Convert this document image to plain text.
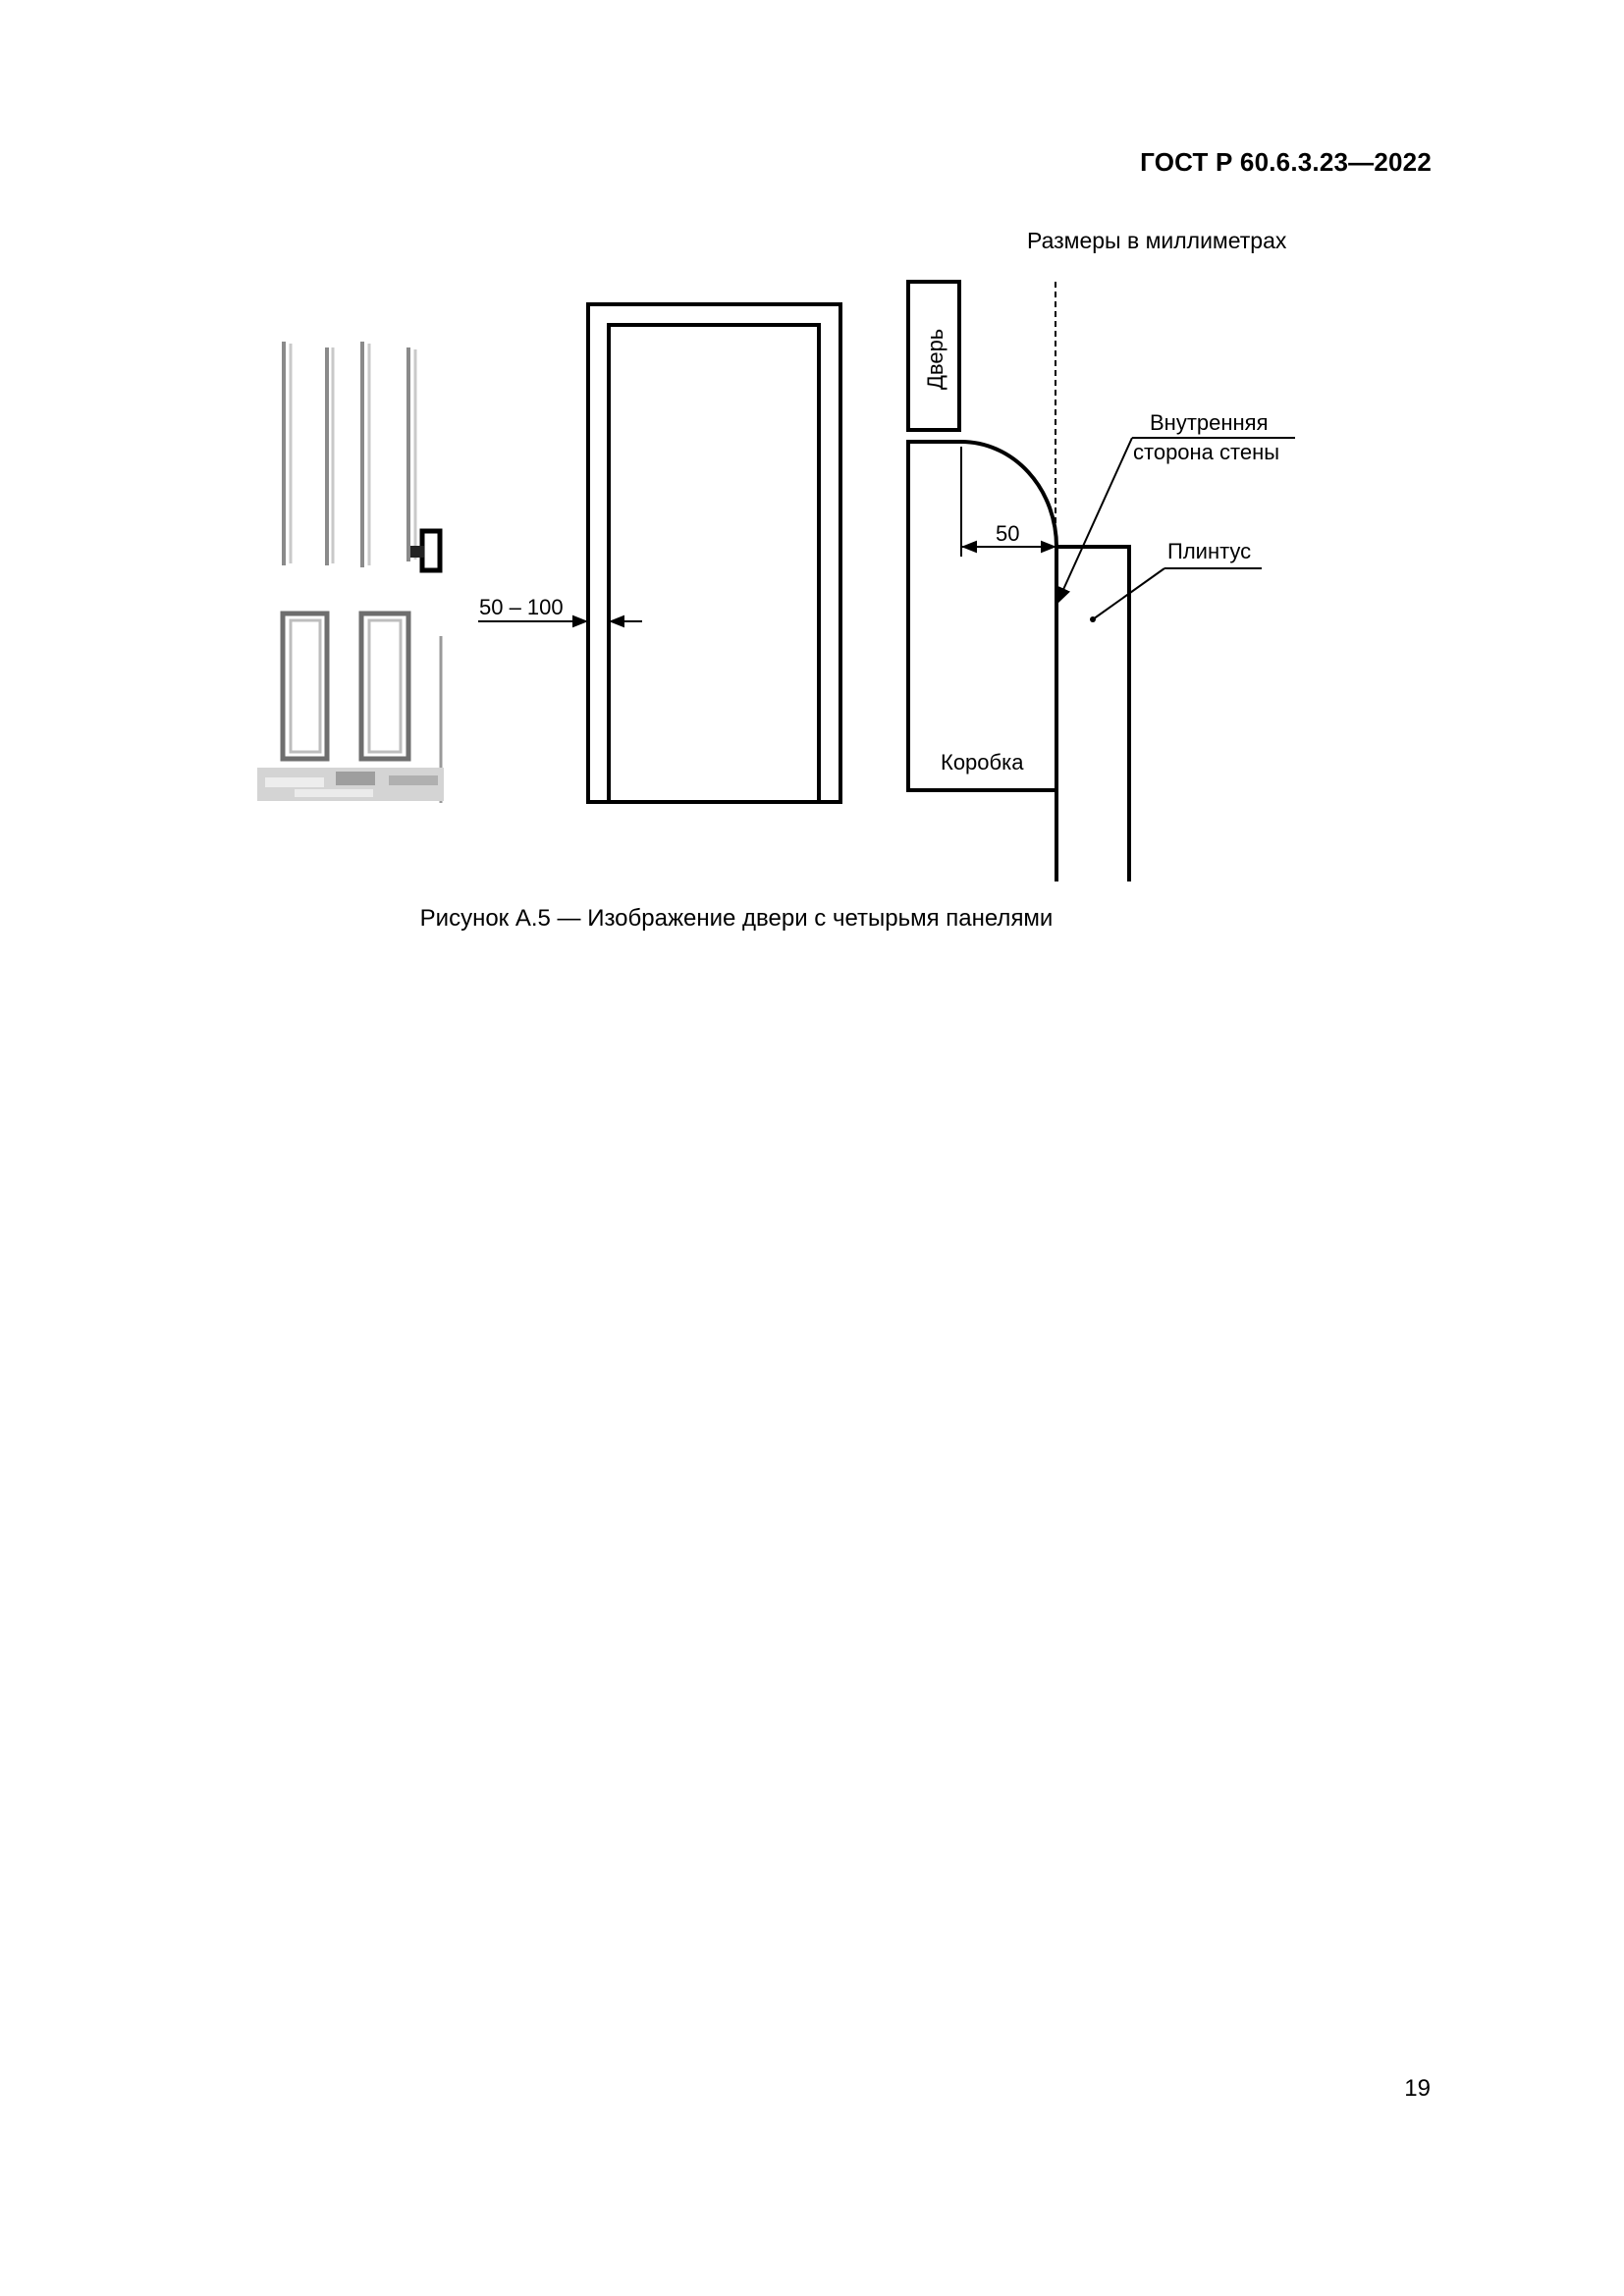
ГОСТ Р 60.6.3.23—2022
Размеры в миллиметрах
50 – 100
Дверь
Коробка
50
Внутренняя
сторона стены
Плинтус
Рисунок А.5 — Изображение двери с четырьмя панелями
19
